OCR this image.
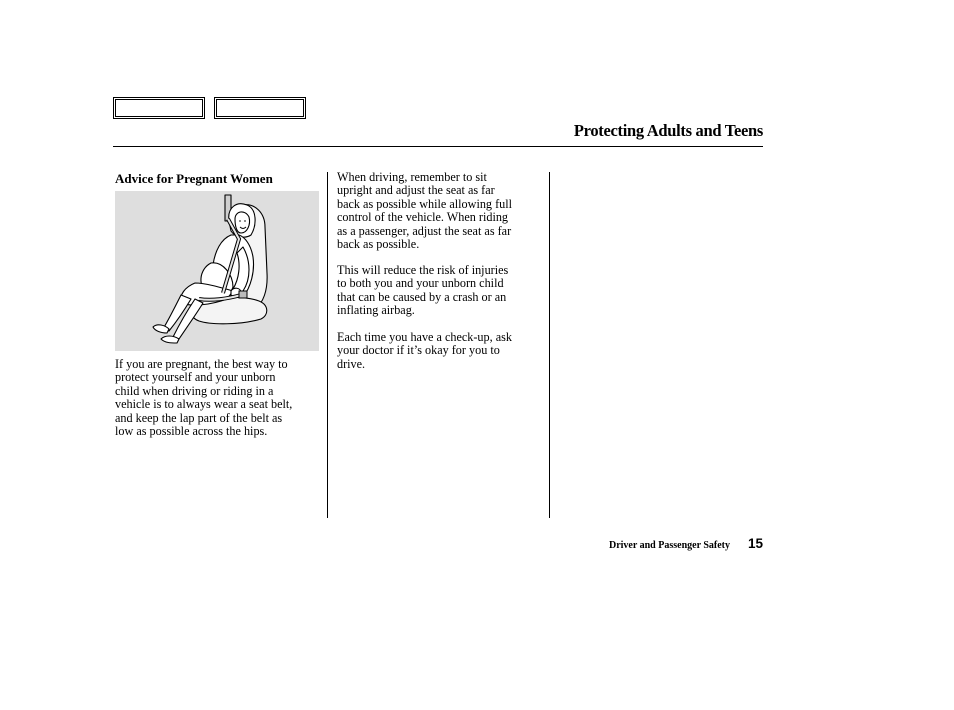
Protecting Adults and Teens
Advice for Pregnant Women

If you are pregnant, the best way to
protect yourself and your unborn
child when driving or riding in a
vehicle is to always wear a seat belt,
and keep the lap part of the belt as
low as possible across the hips.

When driving, remember to sit
upright and adjust the seat as far
back as possible while allowing full
control of the vehicle. When riding
as a passenger, adjust the seat as far
back as possible.

This will reduce the risk of injuries
to both you and your unborn child
that can be caused by a crash or an
inflating airbag.

Each time you have a check-up, ask
your doctor if it’s okay for you to
drive.

Driver and Passenger Safety 15
